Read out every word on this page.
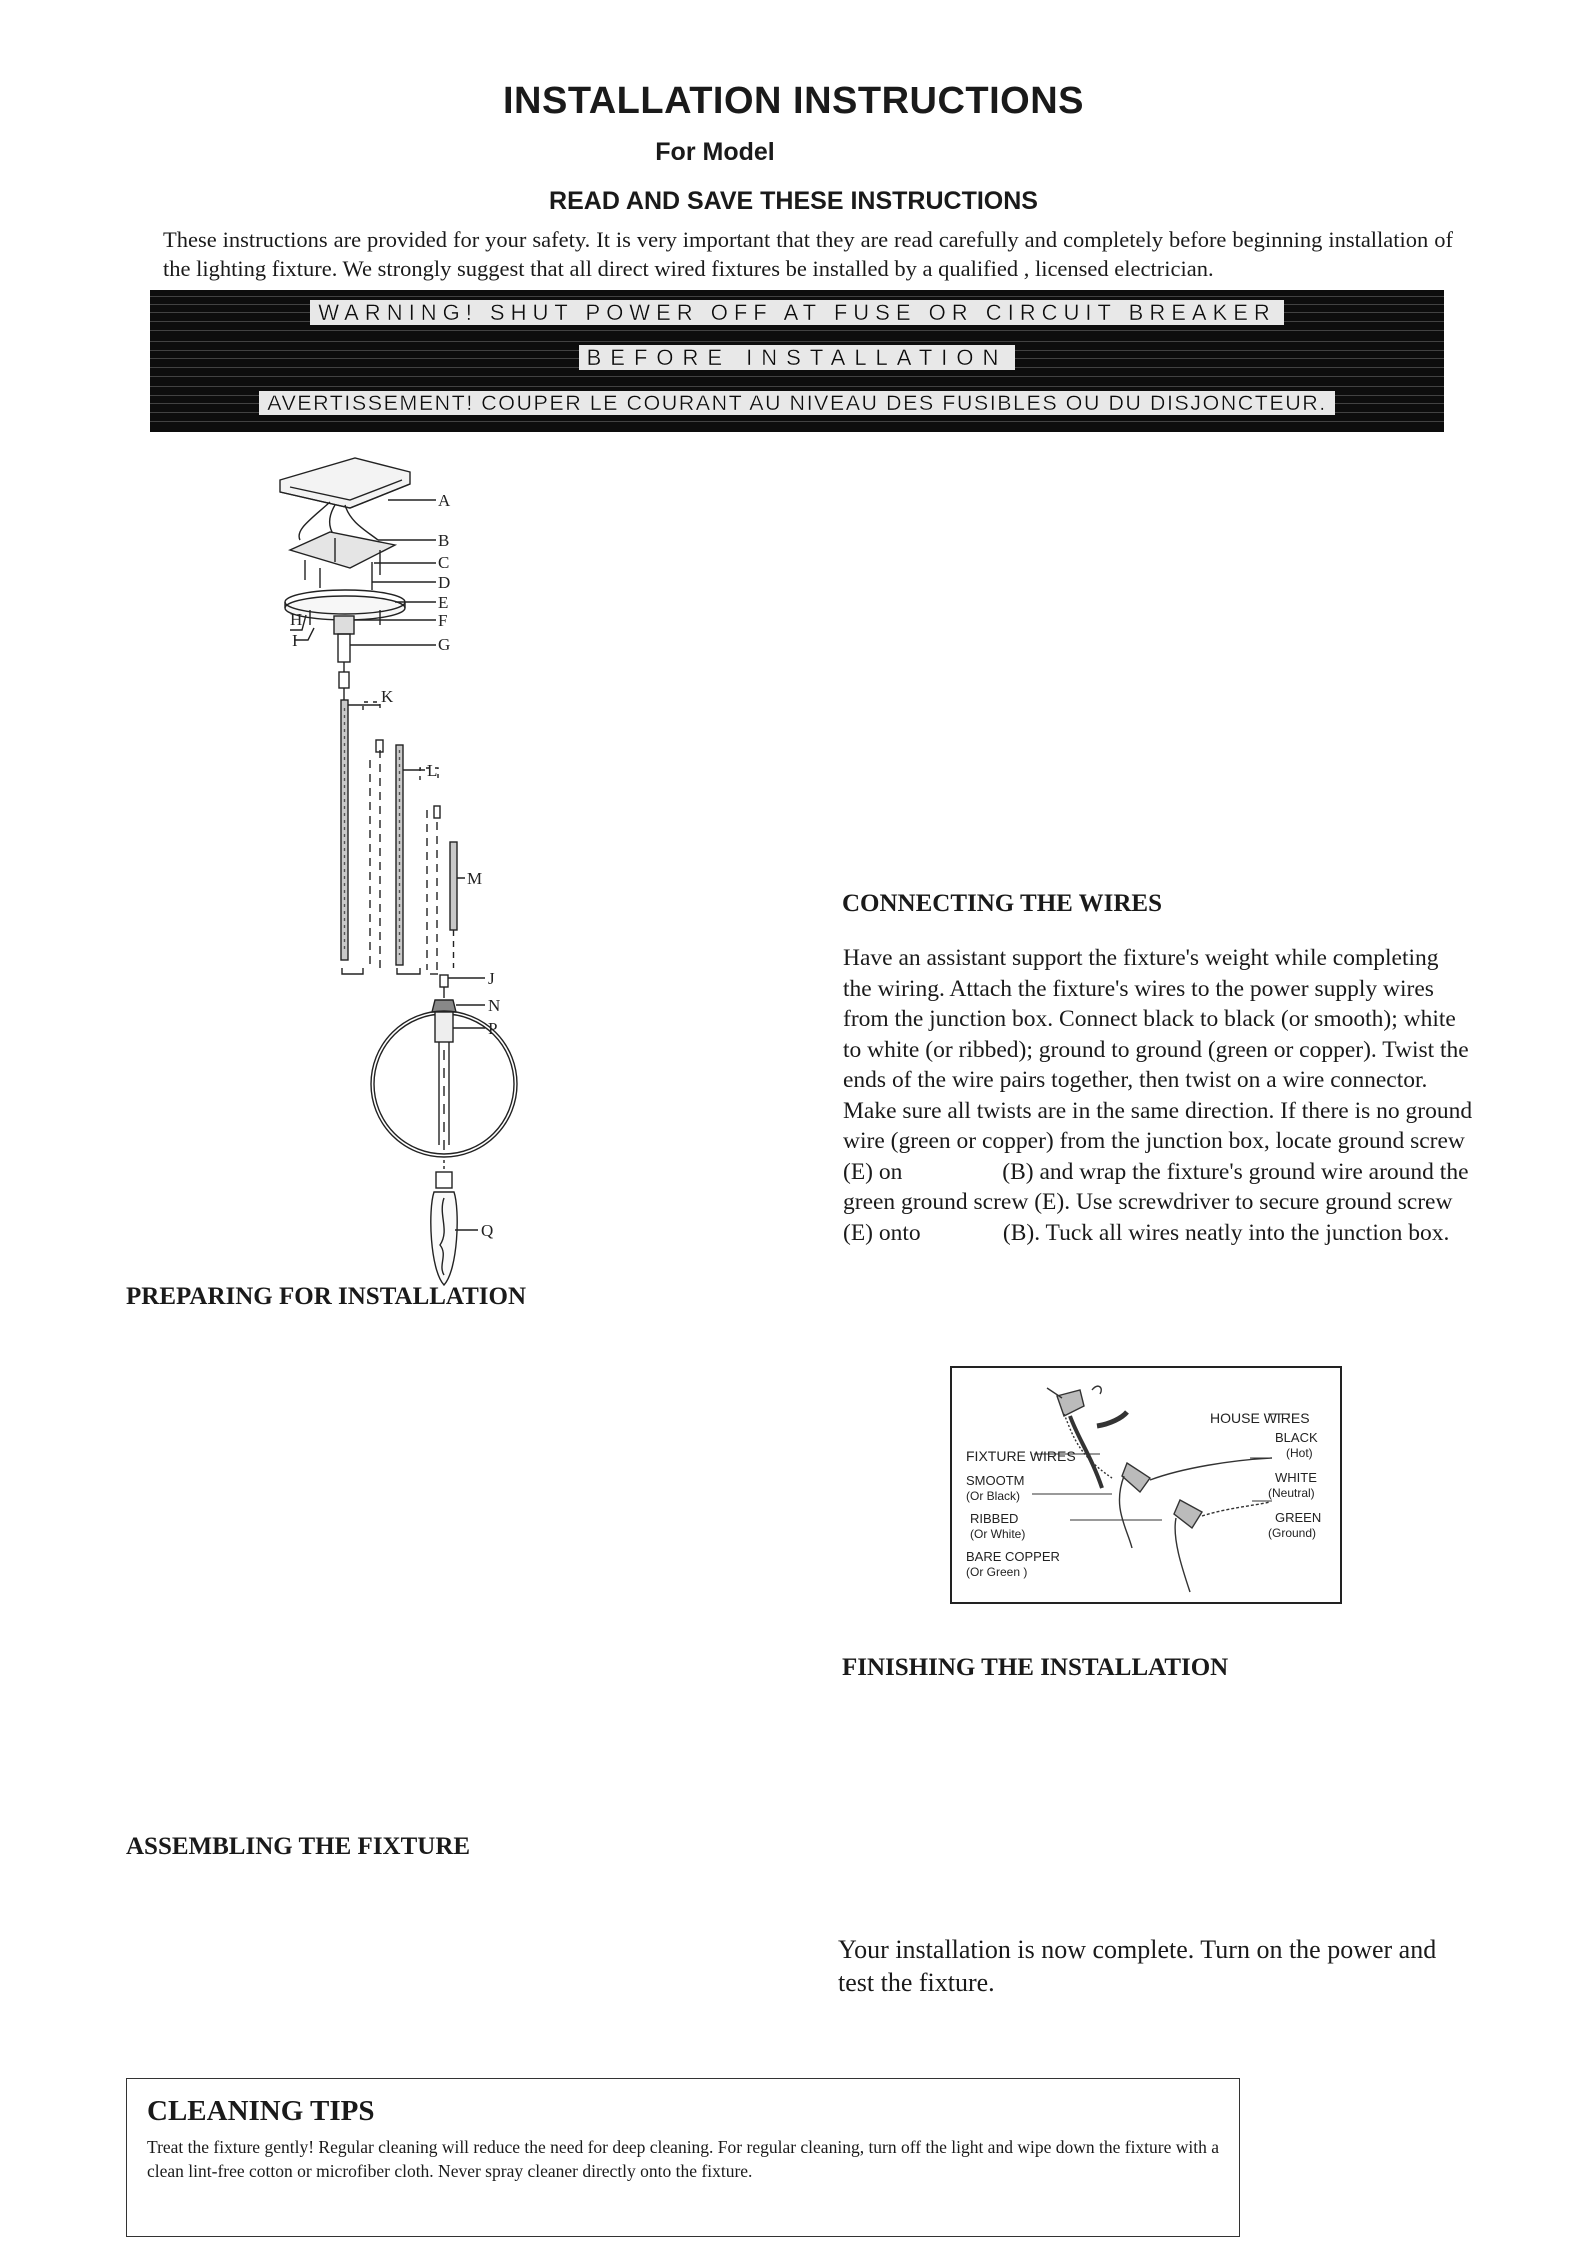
INSTALLATION INSTRUCTIONS
For Model
READ AND SAVE THESE INSTRUCTIONS
These instructions are provided for your safety. It is very important that they are read carefully and completely before beginning installation of the lighting fixture. We strongly suggest that all direct wired fixtures be installed by a qualified , licensed electrician.
WARNING! SHUT POWER OFF AT FUSE OR CIRCUIT BREAKER
BEFORE INSTALLATION
AVERTISSEMENT! COUPER LE COURANT AU NIVEAU DES FUSIBLES OU DU DISJONCTEUR.
A
B
C
D
E
F
G
H
I
K
L
M
J
N
P
Q
PREPARING FOR INSTALLATION
ASSEMBLING THE FIXTURE
CONNECTING THE WIRES
FINISHING THE INSTALLATION
Have an assistant support the fixture's weight while completing the wiring. Attach the fixture's wires to the power supply wires from the junction box. Connect black to black (or smooth); white to white (or ribbed); ground to ground (green or copper). Twist the ends of the wire pairs together, then twist on a wire connector. Make sure all twists are in the same direction. If there is no ground wire (green or copper) from the junction box, locate ground screw (E) on                 (B) and wrap the fixture's ground wire around the green ground screw (E). Use screwdriver to secure ground screw (E) onto              (B). Tuck all wires neatly into the junction box.
FIXTURE WIRES
HOUSE WIRES
BLACK
(Hot)
WHITE
(Neutral)
GREEN
(Ground)
SMOOTM
(Or Black)
RIBBED
(Or White)
BARE COPPER
(Or Green )
Your installation is now complete. Turn on the power and test the fixture.
CLEANING TIPS
Treat the fixture gently! Regular cleaning will reduce the need for deep cleaning. For regular cleaning, turn off the light and wipe down the fixture with a clean lint-free cotton or microfiber cloth. Never spray cleaner directly onto the fixture.
